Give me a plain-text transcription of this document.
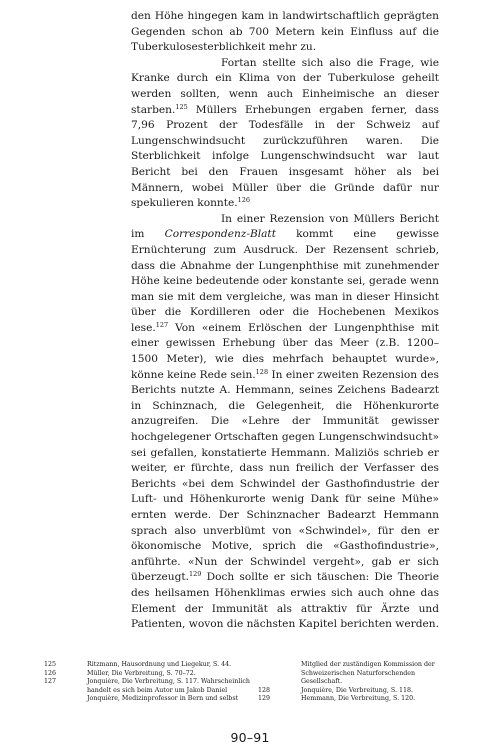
den Höhe hingegen kam in landwirtschaftlich geprägten Gegenden schon ab 700 Metern kein Einfluss auf die Tuberkulosesterblichkeit mehr zu.

Fortan stellte sich also die Frage, wie Kranke durch ein Klima von der Tuberkulose geheilt werden sollten, wenn auch Einheimische an dieser starben.$^{125}$ Müllers Erhebungen ergaben ferner, dass 7,96 Prozent der Todesfälle in der Schweiz auf Lungenschwindsucht zurückzuführen waren. Die Sterblichkeit infolge Lungenschwindsucht war laut Bericht bei den Frauen insgesamt höher als bei Männern, wobei Müller über die Gründe dafür nur spekulieren konnte.$^{126}$

In einer Rezension von Müllers Bericht im Correspondenz-Blatt kommt eine gewisse Ernüchterung zum Ausdruck. Der Rezensent schrieb, dass die Abnahme der Lungenphthise mit zunehmender Höhe keine bedeutende oder konstante sei, gerade wenn man sie mit dem vergleiche, was man in dieser Hinsicht über die Kordilleren oder die Hochebenen Mexikos lese.$^{127}$ Von «einem Erlöschen der Lungenphthise mit einer gewissen Erhebung über das Meer (z.B. 1200–1500 Meter), wie dies mehrfach behauptet wurde», könne keine Rede sein.$^{128}$ In einer zweiten Rezension des Berichts nutzte A. Hemmann, seines Zeichens Badearzt in Schinznach, die Gelegenheit, die Höhenkurorte anzugreifen. Die «Lehre der Immunität gewisser hochgelegener Ortschaften gegen Lungenschwindsucht» sei gefallen, konstatierte Hemmann. Maliziös schrieb er weiter, er fürchte, dass nun freilich der Verfasser des Berichts «bei dem Schwindel der Gasthofindustrie der Luft- und Höhenkurorte wenig Dank für seine Mühe» ernten werde. Der Schinznacher Badearzt Hemmann sprach also unverblümt von «Schwindel», für den er ökonomische Motive, sprich die «Gasthofindustrie», anführte. «Nun der Schwindel vergeht», gab er sich überzeugt.$^{129}$ Doch sollte er sich täuschen: Die Theorie des heilsamen Höhenklimas erwies sich auch ohne das Element der Immunität als attraktiv für Ärzte und Patienten, wovon die nächsten Kapitel berichten werden.

125	Ritzmann, Hausordnung und Liegekur, S. 44.
126	Müller, Die Verbreitung, S. 70–72.
127	Jonquière, Die Verbreitung, S. 117. Wahrscheinlich handelt es sich beim Autor um Jakob Daniel Jonquière, Medizinprofessor in Bern und selbst
Mitglied der zuständigen Kommission der Schweizerischen Naturforschenden Gesellschaft.
128	Jonquière, Die Verbreitung, S. 118.
129	Hemmann, Die Verbreitung, S. 120.
90–91
